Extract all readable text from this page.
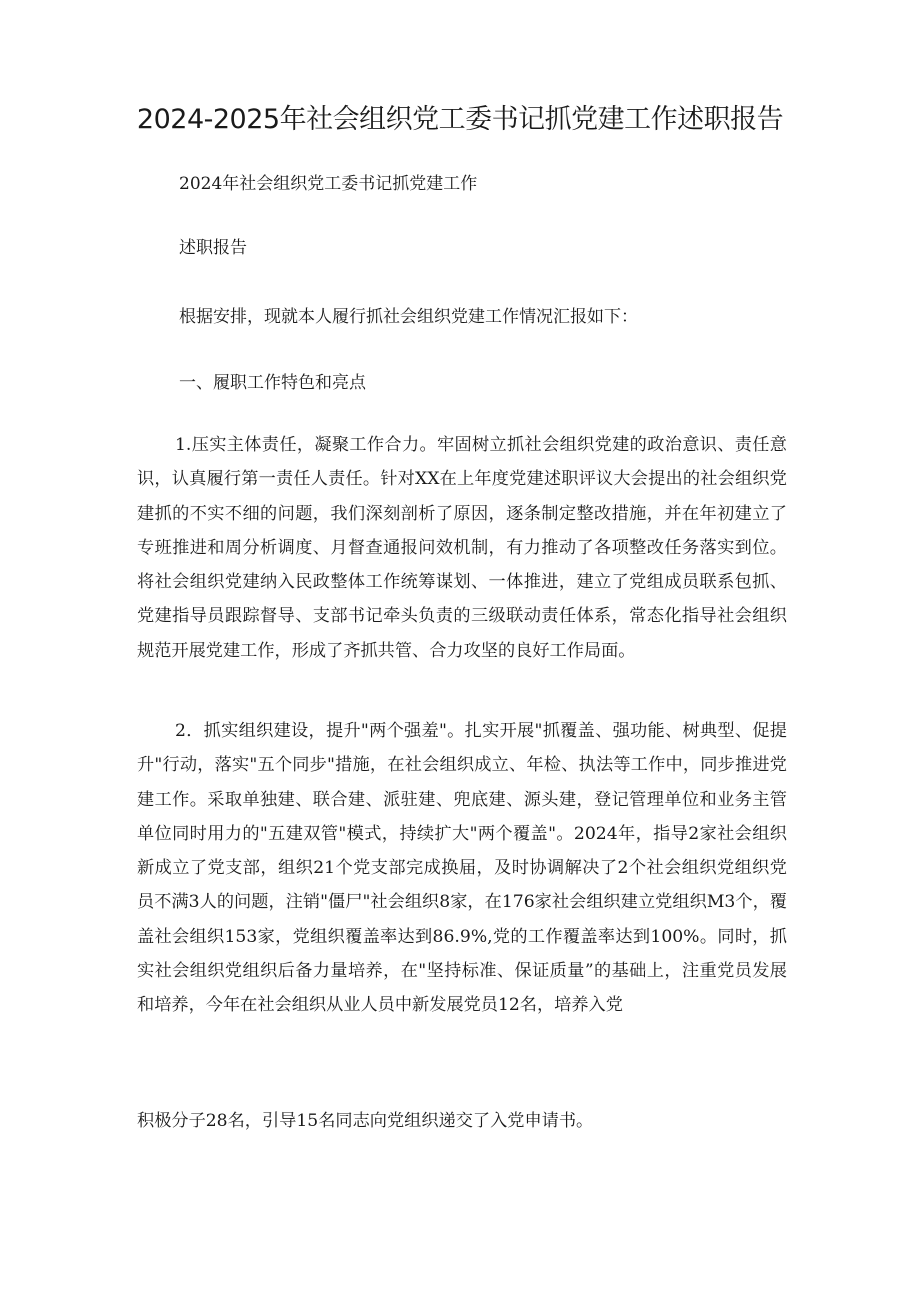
2024-2025年社会组织党工委书记抓党建工作述职报告

2024年社会组织党工委书记抓党建工作

述职报告

根据安排，现就本人履行抓社会组织党建工作情况汇报如下：

一、履职工作特色和亮点

1.压实主体责任，凝聚工作合力。牢固树立抓社会组织党建的政治意识、责任意识，认真履行第一责任人责任。针对XX在上年度党建述职评议大会提出的社会组织党建抓的不实不细的问题，我们深刻剖析了原因，逐条制定整改措施，并在年初建立了专班推进和周分析调度、月督查通报问效机制，有力推动了各项整改任务落实到位。将社会组织党建纳入民政整体工作统筹谋划、一体推进，建立了党组成员联系包抓、党建指导员跟踪督导、支部书记牵头负责的三级联动责任体系，常态化指导社会组织规范开展党建工作，形成了齐抓共管、合力攻坚的良好工作局面。

2．抓实组织建设，提升"两个强羞"。扎实开展"抓覆盖、强功能、树典型、促提升"行动，落实"五个同步"措施，在社会组织成立、年检、执法等工作中，同步推进党建工作。采取单独建、联合建、派驻建、兜底建、源头建，登记管理单位和业务主管单位同时用力的"五建双管"模式，持续扩大"两个覆盖"。2024年，指导2家社会组织新成立了党支部，组织21个党支部完成换届，及时协调解决了2个社会组织党组织党员不满3人的问题，注销"僵尸"社会组织8家，在176家社会组织建立党组织M3个，覆盖社会组织153家，党组织覆盖率达到86.9%,党的工作覆盖率达到100%。同时，抓实社会组织党组织后备力量培养，在"坚持标准、保证质量”的基础上，注重党员发展和培养，今年在社会组织从业人员中新发展党员12名，培养入党

积极分子28名，引导15名同志向党组织递交了入党申请书。
